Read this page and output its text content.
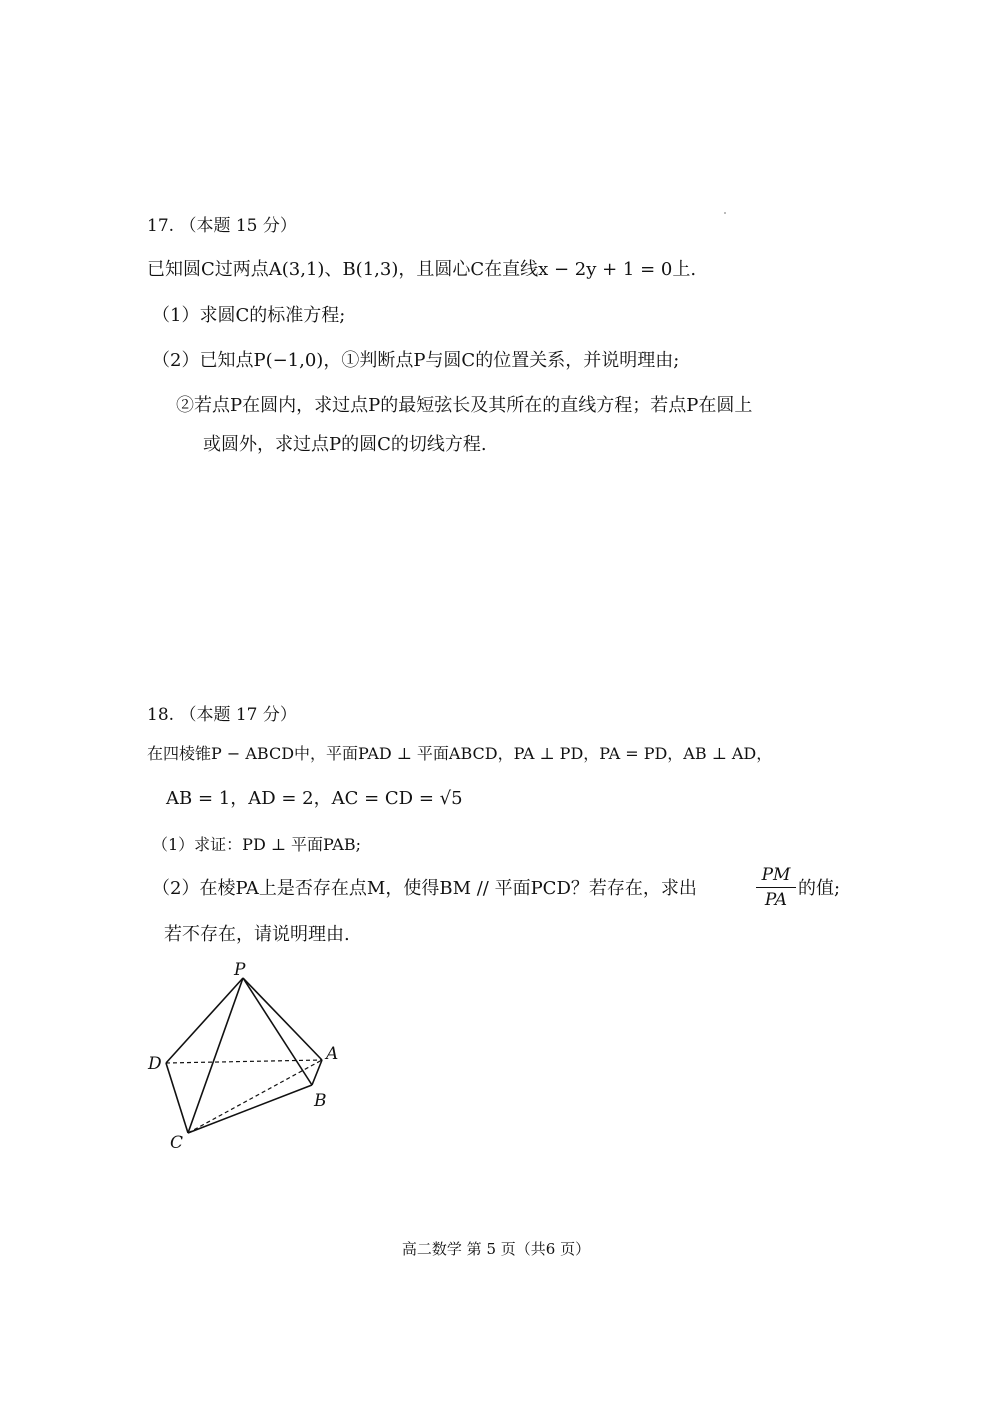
17. （本题 15 分）
已知圆C过两点A(3,1)、B(1,3)，且圆心C在直线x − 2y + 1 = 0上.
（1）求圆C的标准方程;
（2）已知点P(−1,0)，①判断点P与圆C的位置关系，并说明理由;
②若点P在圆内，求过点P的最短弦长及其所在的直线方程；若点P在圆上
或圆外，求过点P的圆C的切线方程.
18. （本题 17 分）
在四棱锥P − ABCD中，平面PAD ⊥ 平面ABCD，PA ⊥ PD，PA = PD，AB ⊥ AD，
AB = 1，AD = 2，AC = CD = √5
（1）求证：PD ⊥ 平面PAB;
（2）在棱PA上是否存在点M，使得BM // 平面PCD？若存在，求出
PM
PA
的值;
若不存在，请说明理由.
P
A
B
C
D
高二数学 第 5 页（共6 页）
